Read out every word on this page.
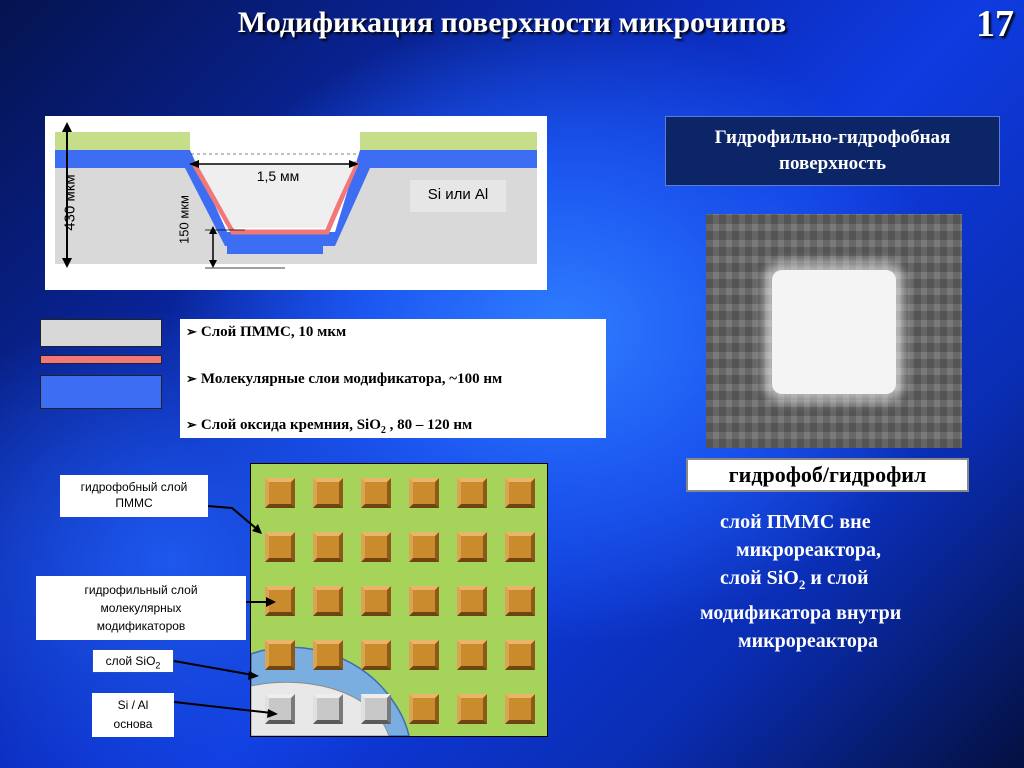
Модификация поверхности микрочипов	17
430 мкм	150 мкм
1,5 мм
Si или Al
➢ Слой ПММС, 10 мкм
➢ Молекулярные слои модификатора, ~100 нм
➢ Слой оксида кремния, SiO$_2$ , 80 – 120 нм
гидрофобный слой
ПММС
гидрофильный слой
молекулярных
модификаторов
слой SiO$_2$
Si / Al
основа
Гидрофильно-гидрофобная
поверхность
гидрофоб/гидрофил
слой ПММС вне
микрореактора,
слой SiO$_2$ и слой
модификатора внутри
микрореактора
